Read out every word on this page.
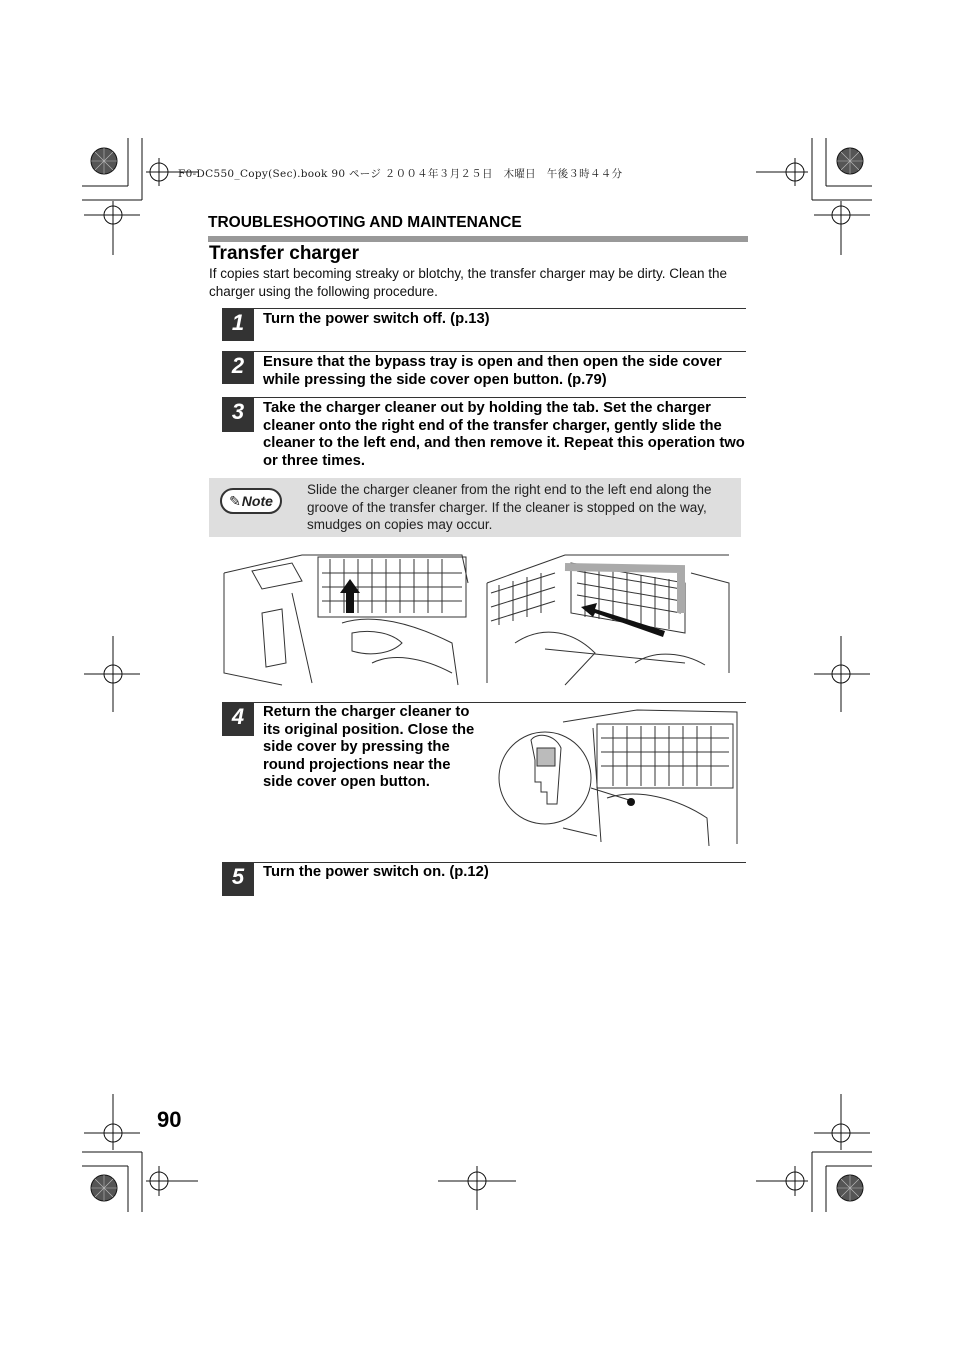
F0-DC550_Copy(Sec).book 90 ページ ２００４年３月２５日　木曜日　午後３時４４分
TROUBLESHOOTING AND MAINTENANCE
Transfer charger
If copies start becoming streaky or blotchy, the transfer charger may be dirty. Clean the charger using the following procedure.
1	Turn the power switch off. (p.13)
2	Ensure that the bypass tray is open and then open the side cover while pressing the side cover open button. (p.79)
3	Take the charger cleaner out by holding the tab. Set the charger cleaner onto the right end of the transfer charger, gently slide the cleaner to the left end, and then remove it. Repeat this operation two or three times.
✎ Note
Slide the charger cleaner from the right end to the left end along the groove of the transfer charger. If the cleaner is stopped on the way, smudges on copies may occur.
4	Return the charger cleaner to its original position. Close the side cover by pressing the round projections near the side cover open button.
5	Turn the power switch on. (p.12)
90
